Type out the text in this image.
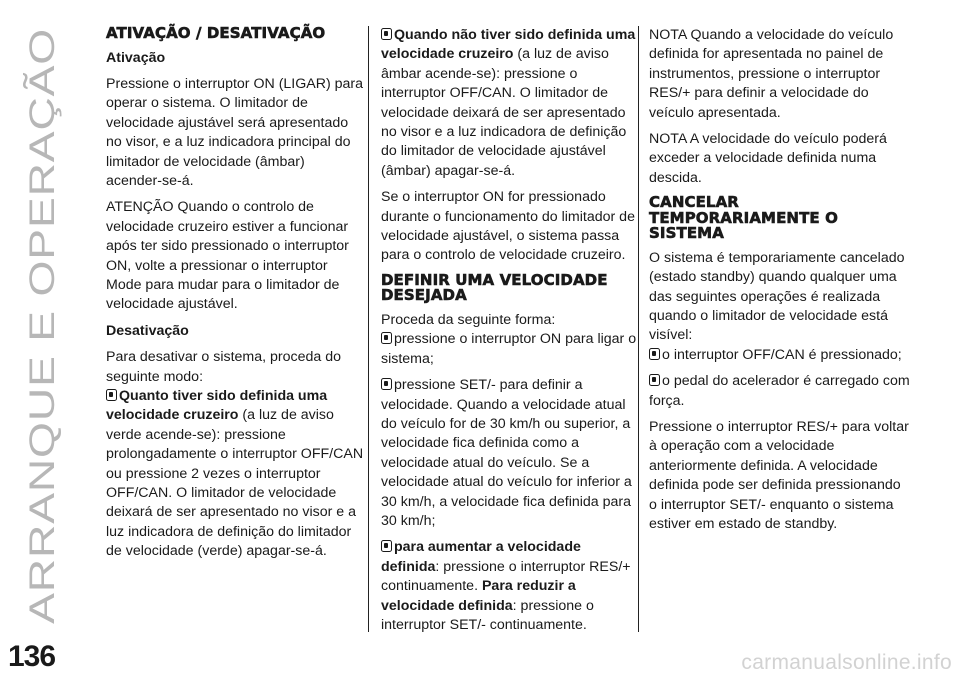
ARRANQUE E OPERAÇÃO
136
ATIVAÇÃO / DESATIVAÇÃO

Ativação

Pressione o interruptor ON (LIGAR) para operar o sistema. O limitador de velocidade ajustável será apresentado no visor, e a luz indicadora principal do limitador de velocidade (âmbar) acender-se-á.

ATENÇÃO Quando o controlo de velocidade cruzeiro estiver a funcionar após ter sido pressionado o interruptor ON, volte a pressionar o interruptor Mode para mudar para o limitador de velocidade ajustável.

Desativação

Para desativar o sistema, proceda do seguinte modo:

Quanto tiver sido definida uma velocidade cruzeiro (a luz de aviso verde acende-se): pressione prolongadamente o interruptor OFF/CAN ou pressione 2 vezes o interruptor OFF/CAN. O limitador de velocidade deixará de ser apresentado no visor e a luz indicadora de definição do limitador de velocidade (verde) apagar-se-á.

Quando não tiver sido definida uma velocidade cruzeiro (a luz de aviso âmbar acende-se): pressione o interruptor OFF/CAN. O limitador de velocidade deixará de ser apresentado no visor e a luz indicadora de definição do limitador de velocidade ajustável (âmbar) apagar-se-á.

Se o interruptor ON for pressionado durante o funcionamento do limitador de velocidade ajustável, o sistema passa para o controlo de velocidade cruzeiro.

DEFINIR UMA VELOCIDADE DESEJADA

Proceda da seguinte forma:

pressione o interruptor ON para ligar o sistema;

pressione SET/- para definir a velocidade. Quando a velocidade atual do veículo for de 30 km/h ou superior, a velocidade fica definida como a velocidade atual do veículo. Se a velocidade atual do veículo for inferior a 30 km/h, a velocidade fica definida para 30 km/h;

para aumentar a velocidade definida: pressione o interruptor RES/+ continuamente. Para reduzir a velocidade definida: pressione o interruptor SET/- continuamente.

NOTA Quando a velocidade do veículo definida for apresentada no painel de instrumentos, pressione o interruptor RES/+ para definir a velocidade do veículo apresentada.

NOTA A velocidade do veículo poderá exceder a velocidade definida numa descida.

CANCELAR TEMPORARIAMENTE O SISTEMA

O sistema é temporariamente cancelado (estado standby) quando qualquer uma das seguintes operações é realizada quando o limitador de velocidade está visível:

o interruptor OFF/CAN é pressionado;

o pedal do acelerador é carregado com força.

Pressione o interruptor RES/+ para voltar à operação com a velocidade anteriormente definida. A velocidade definida pode ser definida pressionando o interruptor SET/- enquanto o sistema estiver em estado de standby.

carmanualsonline.info
